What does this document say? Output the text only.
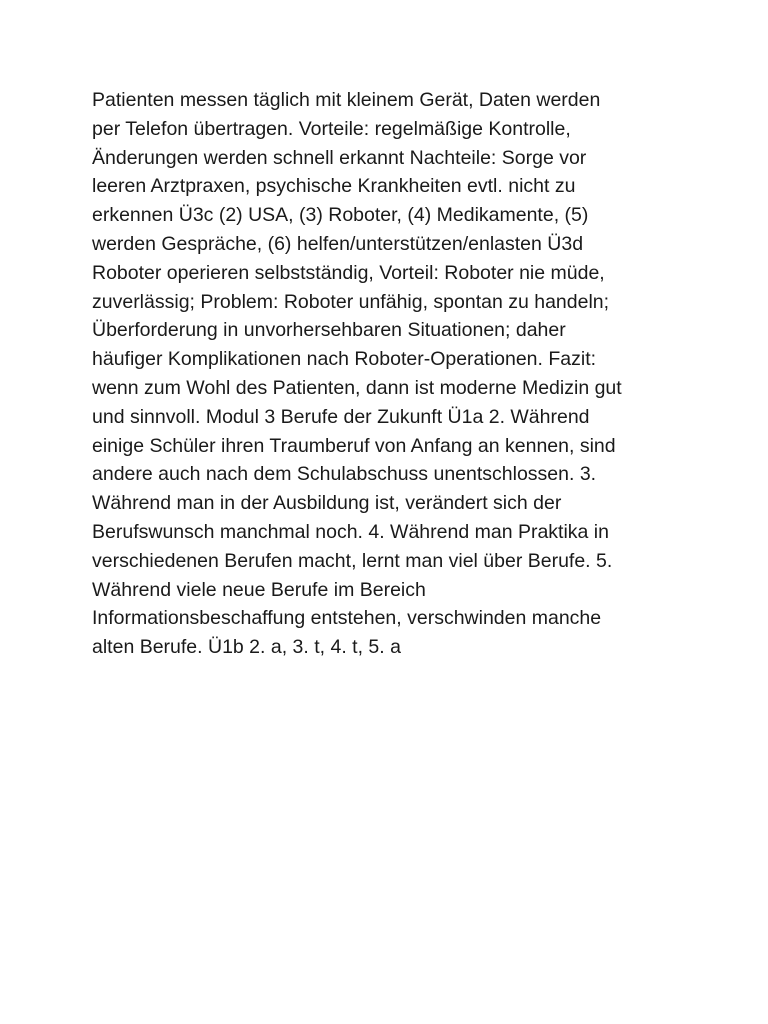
Patienten messen täglich mit kleinem Gerät, Daten werden
per Telefon übertragen. Vorteile: regelmäßige Kontrolle,
Änderungen werden schnell erkannt Nachteile: Sorge vor
leeren Arztpraxen, psychische Krankheiten evtl. nicht zu
erkennen Ü3c (2) USA, (3) Roboter, (4) Medikamente, (5)
werden Gespräche, (6) helfen/unterstützen/enlasten Ü3d
Roboter operieren selbstständig, Vorteil: Roboter nie müde,
zuverlässig; Problem: Roboter unfähig, spontan zu handeln;
Überforderung in unvorhersehbaren Situationen; daher
häufiger Komplikationen nach Roboter-Operationen. Fazit:
wenn zum Wohl des Patienten, dann ist moderne Medizin gut
und sinnvoll. Modul 3 Berufe der Zukunft Ü1a 2. Während
einige Schüler ihren Traumberuf von Anfang an kennen, sind
andere auch nach dem Schulabschuss unentschlossen. 3.
Während man in der Ausbildung ist, verändert sich der
Berufswunsch manchmal noch. 4. Während man Praktika in
verschiedenen Berufen macht, lernt man viel über Berufe. 5.
Während viele neue Berufe im Bereich
Informationsbeschaffung entstehen, verschwinden manche
alten Berufe. Ü1b 2. a, 3. t, 4. t, 5. a
